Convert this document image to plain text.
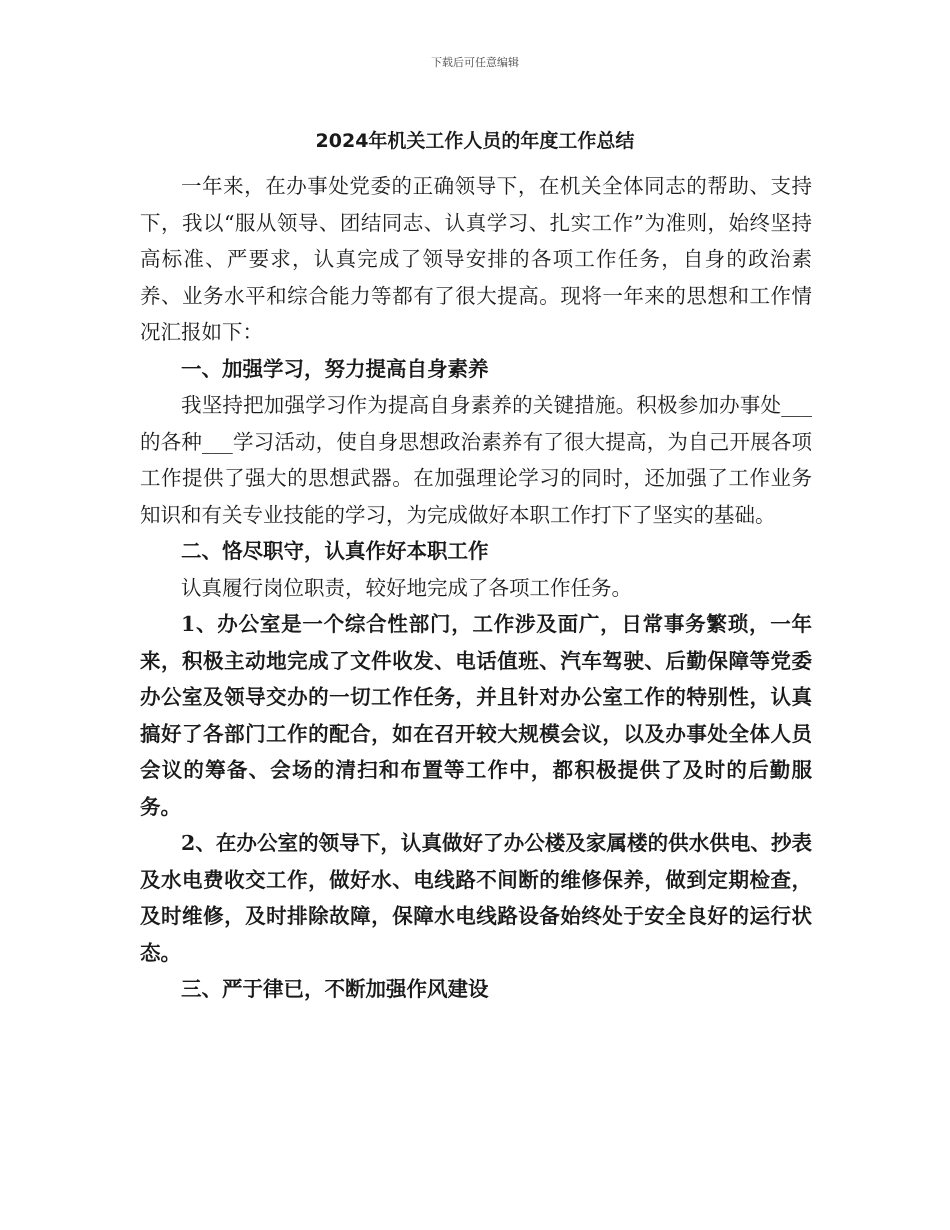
下载后可任意编辑
2024年机关工作人员的年度工作总结

一年来，在办事处党委的正确领导下，在机关全体同志的帮助、支持下，我以“服从领导、团结同志、认真学习、扎实工作”为准则，始终坚持高标准、严要求，认真完成了领导安排的各项工作任务，自身的政治素养、业务水平和综合能力等都有了很大提高。现将一年来的思想和工作情况汇报如下：

一、加强学习，努力提高自身素养

我坚持把加强学习作为提高自身素养的关键措施。积极参加办事处___的各种___学习活动，使自身思想政治素养有了很大提高，为自己开展各项工作提供了强大的思想武器。在加强理论学习的同时，还加强了工作业务知识和有关专业技能的学习，为完成做好本职工作打下了坚实的基础。

二、恪尽职守，认真作好本职工作

认真履行岗位职责，较好地完成了各项工作任务。

1、办公室是一个综合性部门，工作涉及面广，日常事务繁琐，一年来，积极主动地完成了文件收发、电话值班、汽车驾驶、后勤保障等党委办公室及领导交办的一切工作任务，并且针对办公室工作的特别性，认真搞好了各部门工作的配合，如在召开较大规模会议，以及办事处全体人员会议的筹备、会场的清扫和布置等工作中，都积极提供了及时的后勤服务。

2、在办公室的领导下，认真做好了办公楼及家属楼的供水供电、抄表及水电费收交工作，做好水、电线路不间断的维修保养，做到定期检查，及时维修，及时排除故障，保障水电线路设备始终处于安全良好的运行状态。

三、严于律已，不断加强作风建设
